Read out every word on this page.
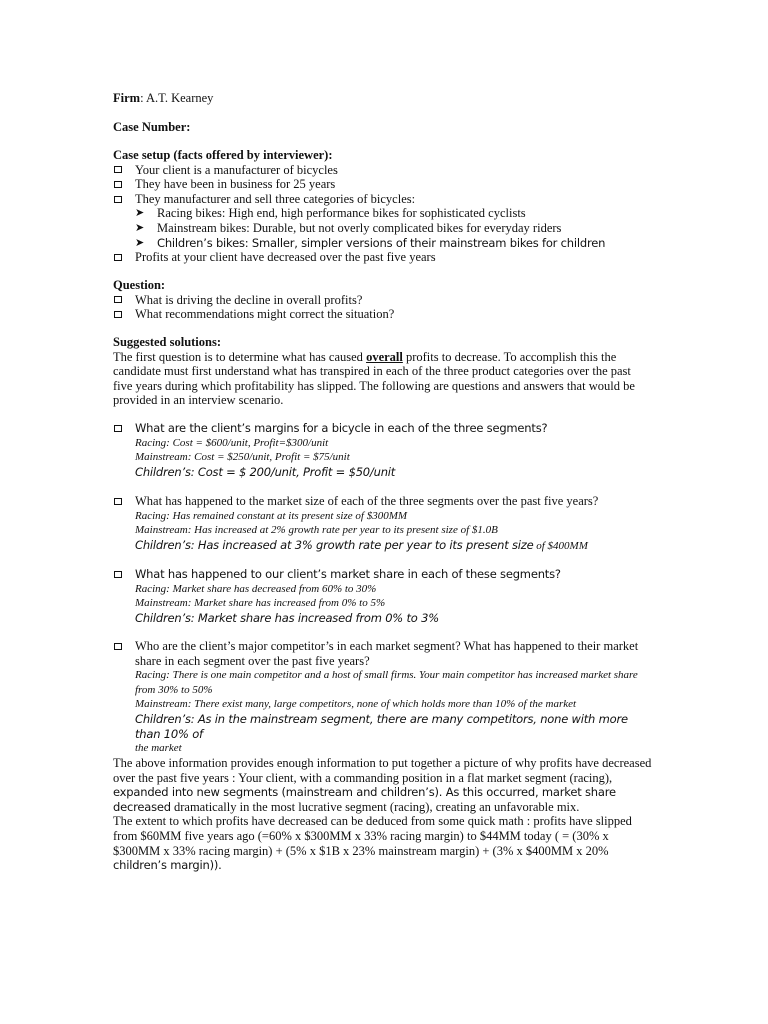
Firm: A.T. Kearney
Case Number:
Case setup (facts offered by interviewer):
Your client is a manufacturer of bicycles
They have been in business for 25 years
They manufacturer and sell three categories of bicycles:
➤	Racing bikes: High end, high performance bikes for sophisticated cyclists
➤	Mainstream bikes: Durable, but not overly complicated bikes for everyday riders
➤	Children’s bikes: Smaller, simpler versions of their mainstream bikes for children
Profits at your client have decreased over the past five years
Question:
What is driving the decline in overall profits?
What recommendations might correct the situation?
Suggested solutions:
The first question is to determine what has caused overall profits to decrease. To accomplish this the candidate must first understand what has transpired in each of the three product categories over the past five years during which profitability has slipped. The following are questions and answers that would be provided in an interview scenario.
What are the client’s margins for a bicycle in each of the three segments?
Racing: Cost = $600/unit, Profit=$300/unit
Mainstream: Cost = $250/unit, Profit = $75/unit
Children’s: Cost = $ 200/unit, Profit = $50/unit
What has happened to the market size of each of the three segments over the past five years?
Racing: Has remained constant at its present size of $300MM
Mainstream: Has increased at 2% growth rate per year to its present size of $1.0B
Children’s: Has increased at 3% growth rate per year to its present size of $400MM
What has happened to our client’s market share in each of these segments?
Racing: Market share has decreased from 60% to 30%
Mainstream: Market share has increased from 0% to 5%
Children’s: Market share has increased from 0% to 3%
Who are the client’s major competitor’s in each market segment? What has happened to their market share in each segment over the past five years?
Racing: There is one main competitor and a host of small firms. Your main competitor has increased market share from 30% to 50%
Mainstream: There exist many, large competitors, none of which holds more than 10% of the market
Children’s: As in the mainstream segment, there are many competitors, none with more than 10% of
the market
The above information provides enough information to put together a picture of why profits have decreased over the past five years : Your client, with a commanding position in a flat market segment (racing), expanded into new segments (mainstream and children’s). As this occurred, market share decreased dramatically in the most lucrative segment (racing), creating an unfavorable mix.
The extent to which profits have decreased can be deduced from some quick math : profits have slipped from $60MM five years ago (=60% x $300MM x 33% racing margin) to $44MM today ( = (30% x $300MM x 33% racing margin) + (5% x $1B x 23% mainstream margin) + (3% x $400MM x 20% children’s margin)).
